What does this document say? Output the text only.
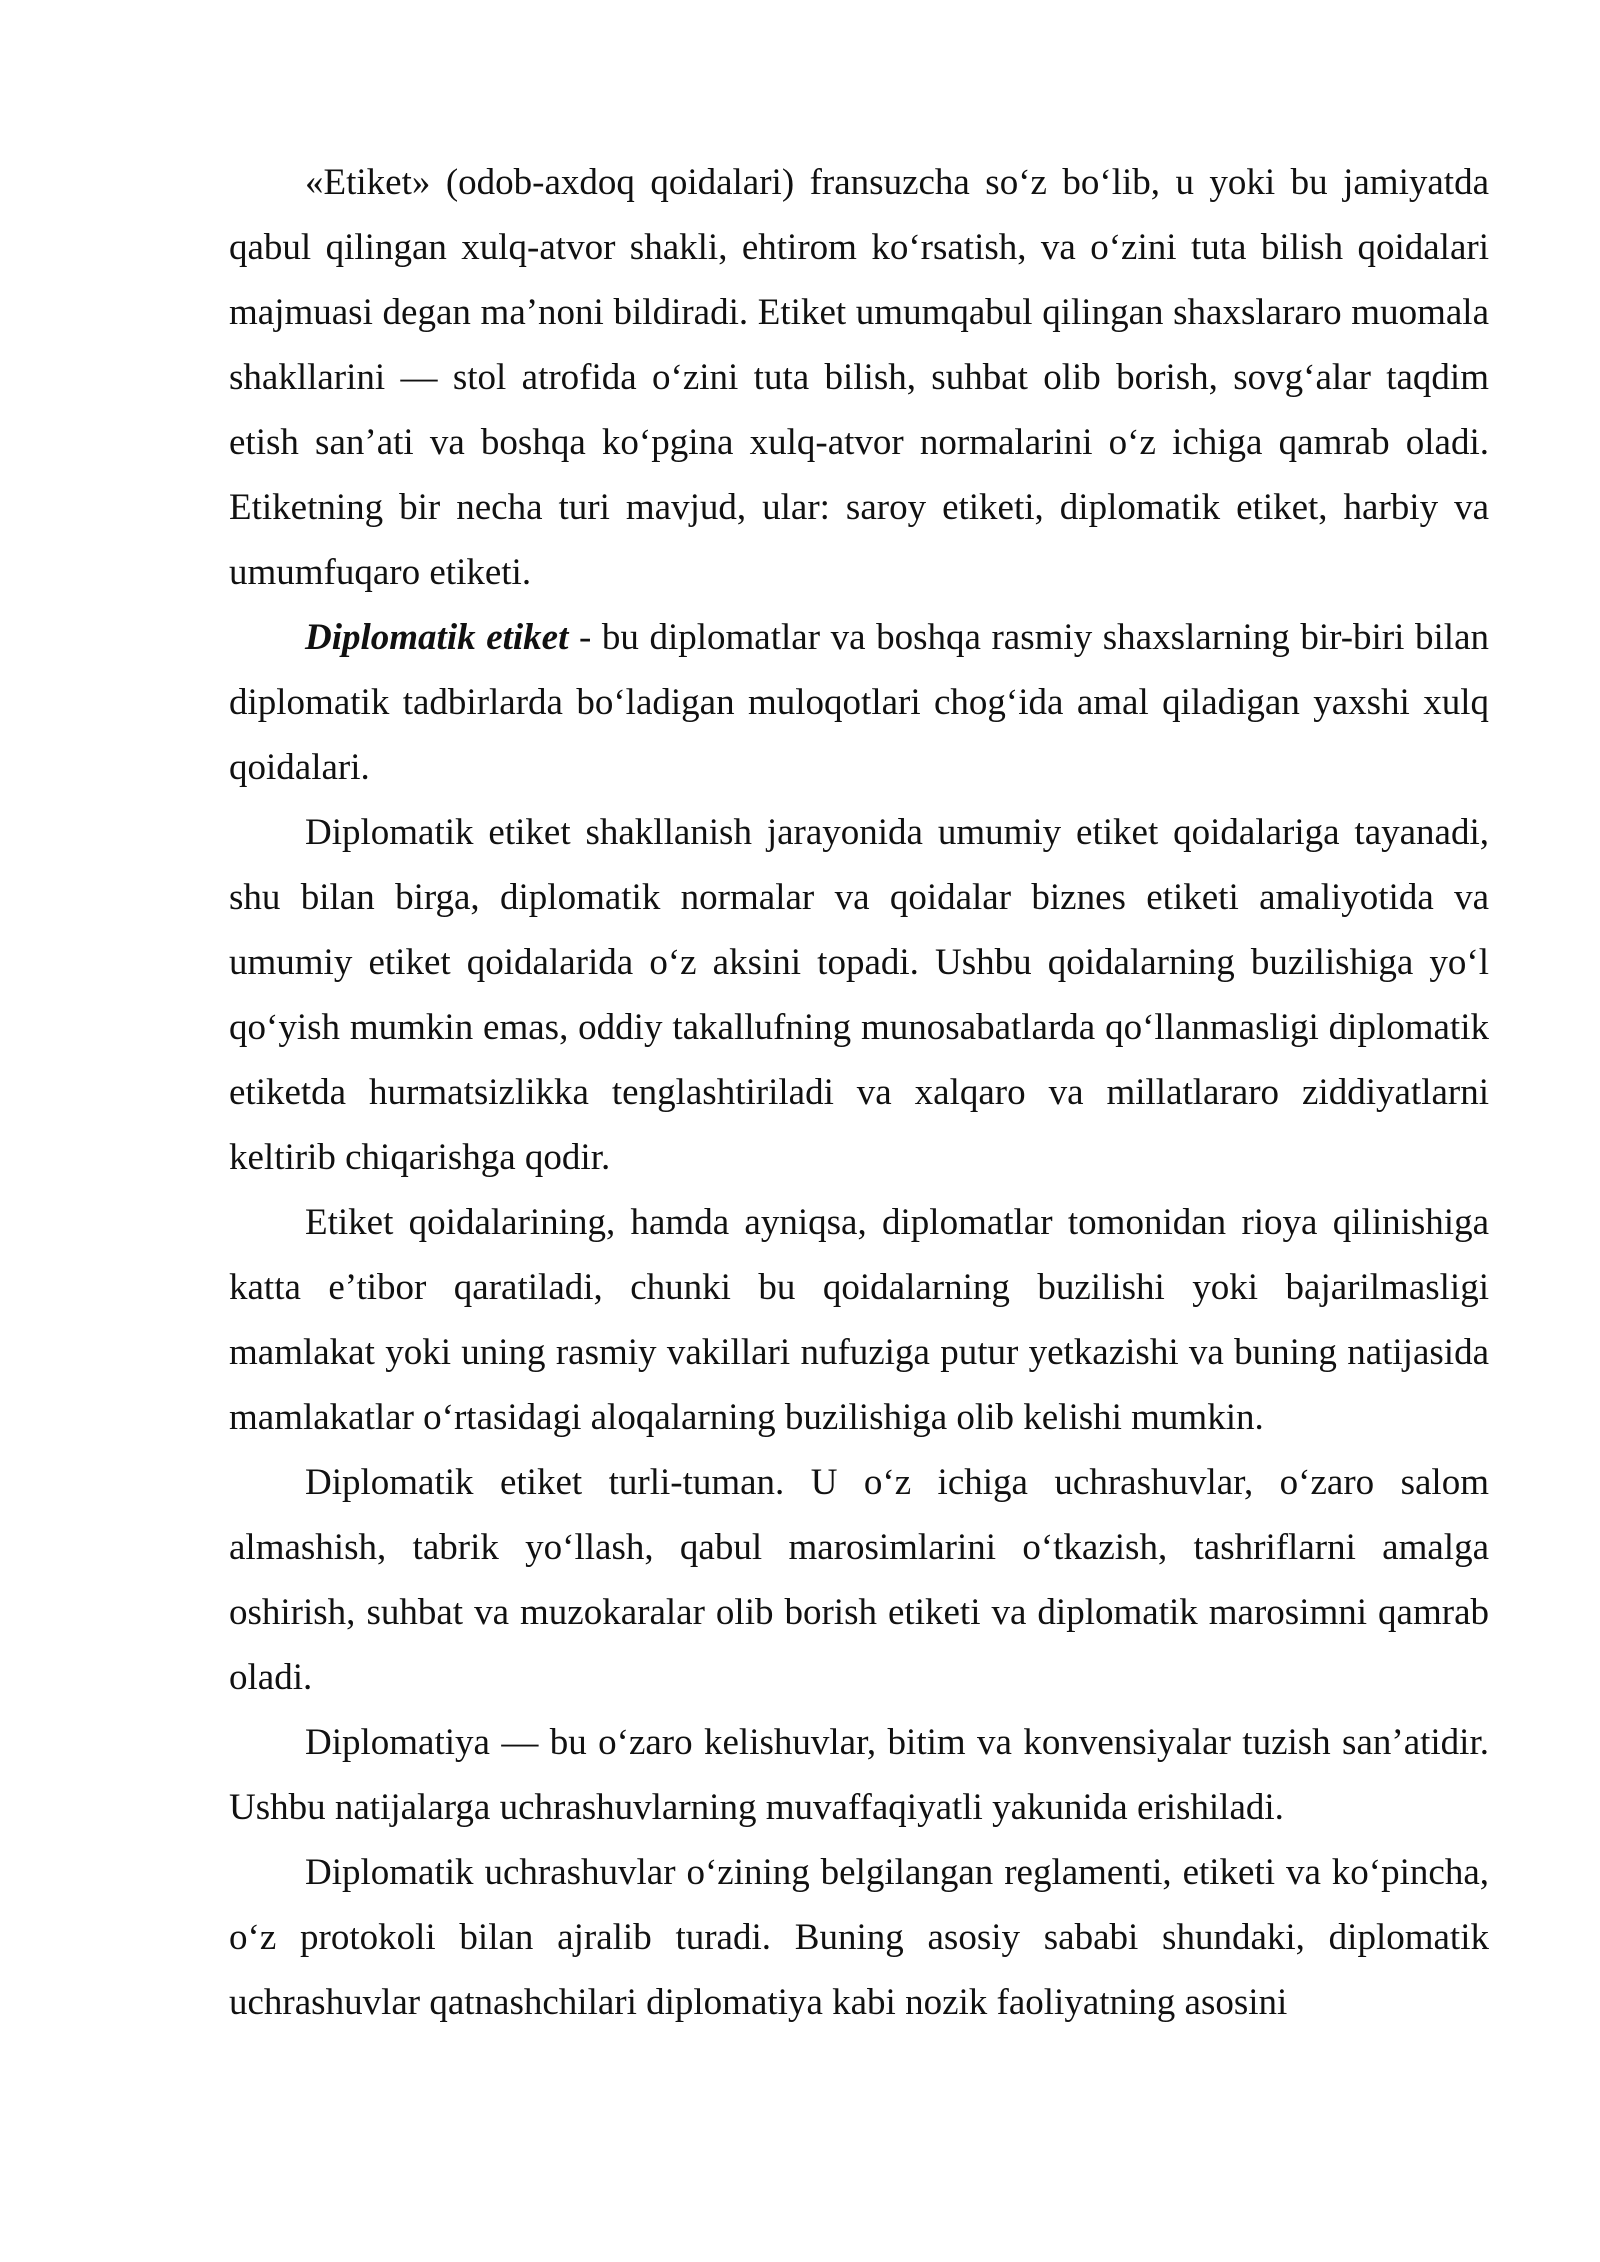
«Etiket» (odob-axdoq qoidalari) fransuzcha so‘z bo‘lib, u yoki bu jamiyatda qabul qilingan xulq-atvor shakli, ehtirom ko‘rsatish, va o‘zini tuta bilish qoidalari majmuasi degan ma’noni bildiradi. Etiket umumqabul qilingan shaxslararo muomala shakllarini — stol atrofida o‘zini tuta bilish, suhbat olib borish, sovg‘alar taqdim etish san’ati va boshqa ko‘pgina xulq-atvor normalarini o‘z ichiga qamrab oladi. Etiketning bir necha turi mavjud, ular: saroy etiketi, diplomatik etiket, harbiy va umumfuqaro etiketi.

Diplomatik etiket - bu diplomatlar va boshqa rasmiy shaxslarning bir-biri bilan diplomatik tadbirlarda bo‘ladigan muloqotlari chog‘ida amal qiladigan yaxshi xulq qoidalari.

Diplomatik etiket shakllanish jarayonida umumiy etiket qoidalariga tayanadi, shu bilan birga, diplomatik normalar va qoidalar biznes etiketi amaliyotida va umumiy etiket qoidalarida o‘z aksini topadi. Ushbu qoidalarning buzilishiga yo‘l qo‘yish mumkin emas, oddiy takallufning munosabatlarda qo‘llanmasligi diplomatik etiketda hurmatsizlikka tenglashtiriladi va xalqaro va millatlararo ziddiyatlarni keltirib chiqarishga qodir.

Etiket qoidalarining, hamda ayniqsa, diplomatlar tomonidan rioya qilinishiga katta e’tibor qaratiladi, chunki bu qoidalarning buzilishi yoki bajarilmasligi mamlakat yoki uning rasmiy vakillari nufuziga putur yetkazishi va buning natijasida mamlakatlar o‘rtasidagi aloqalarning buzilishiga olib kelishi mumkin.

Diplomatik etiket turli-tuman. U o‘z ichiga uchrashuvlar, o‘zaro salom almashish, tabrik yo‘llash, qabul marosimlarini o‘tkazish, tashriflarni amalga oshirish, suhbat va muzokaralar olib borish etiketi va diplomatik marosimni qamrab oladi.

Diplomatiya — bu o‘zaro kelishuvlar, bitim va konvensiyalar tuzish san’atidir. Ushbu natijalarga uchrashuvlarning muvaffaqiyatli yakunida erishiladi.

Diplomatik uchrashuvlar o‘zining belgilangan reglamenti, etiketi va ko‘pincha, o‘z protokoli bilan ajralib turadi. Buning asosiy sababi shundaki, diplomatik uchrashuvlar qatnashchilari diplomatiya kabi nozik faoliyatning asosini
